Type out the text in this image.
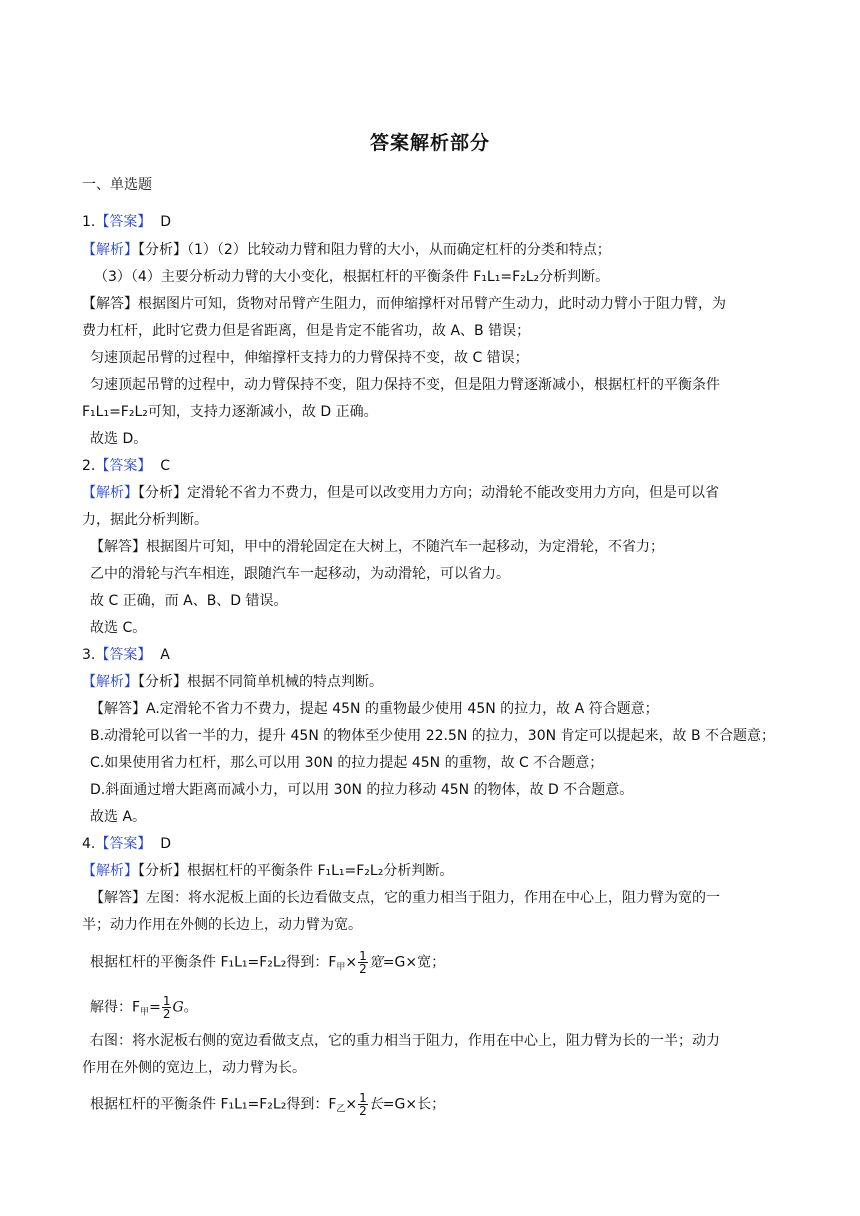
答案解析部分
一、单选题
1.【答案】 D
【解析】【分析】（1）（2）比较动力臂和阻力臂的大小，从而确定杠杆的分类和特点；
（3）（4）主要分析动力臂的大小变化，根据杠杆的平衡条件 F₁L₁=F₂L₂分析判断。
【解答】根据图片可知，货物对吊臂产生阻力，而伸缩撑杆对吊臂产生动力，此时动力臂小于阻力臂，为
费力杠杆，此时它费力但是省距离，但是肯定不能省功，故 A、B 错误；
匀速顶起吊臂的过程中，伸缩撑杆支持力的力臂保持不变，故 C 错误；
匀速顶起吊臂的过程中，动力臂保持不变，阻力保持不变，但是阻力臂逐渐减小，根据杠杆的平衡条件
F₁L₁=F₂L₂可知，支持力逐渐减小，故 D 正确。
故选 D。
2.【答案】 C
【解析】【分析】定滑轮不省力不费力，但是可以改变用力方向；动滑轮不能改变用力方向，但是可以省
力，据此分析判断。
【解答】根据图片可知，甲中的滑轮固定在大树上，不随汽车一起移动，为定滑轮，不省力；
乙中的滑轮与汽车相连，跟随汽车一起移动，为动滑轮，可以省力。
故 C 正确，而 A、B、D 错误。
故选 C。
3.【答案】 A
【解析】【分析】根据不同简单机械的特点判断。
【解答】A.定滑轮不省力不费力，提起 45N 的重物最少使用 45N 的拉力，故 A 符合题意；
B.动滑轮可以省一半的力，提升 45N 的物体至少使用 22.5N 的拉力，30N 肯定可以提起来，故 B 不合题意；
C.如果使用省力杠杆，那么可以用 30N 的拉力提起 45N 的重物，故 C 不合题意；
D.斜面通过增大距离而减小力，可以用 30N 的拉力移动 45N 的物体，故 D 不合题意。
故选 A。
4.【答案】 D
【解析】【分析】根据杠杆的平衡条件 F₁L₁=F₂L₂分析判断。
【解答】左图：将水泥板上面的长边看做支点，它的重力相当于阻力，作用在中心上，阻力臂为宽的一
半；动力作用在外侧的长边上，动力臂为宽。
根据杠杆的平衡条件 F₁L₁=F₂L₂得到：$F_甲\times \frac{1}{2}$ 宽=G×宽；
解得：$F_甲= \frac{1}{2}$ G。
右图：将水泥板右侧的宽边看做支点，它的重力相当于阻力，作用在中心上，阻力臂为长的一半；动力
作用在外侧的宽边上，动力臂为长。
根据杠杆的平衡条件 F₁L₁=F₂L₂得到：$F_乙\times \frac{1}{2}$ 长=G×长；
